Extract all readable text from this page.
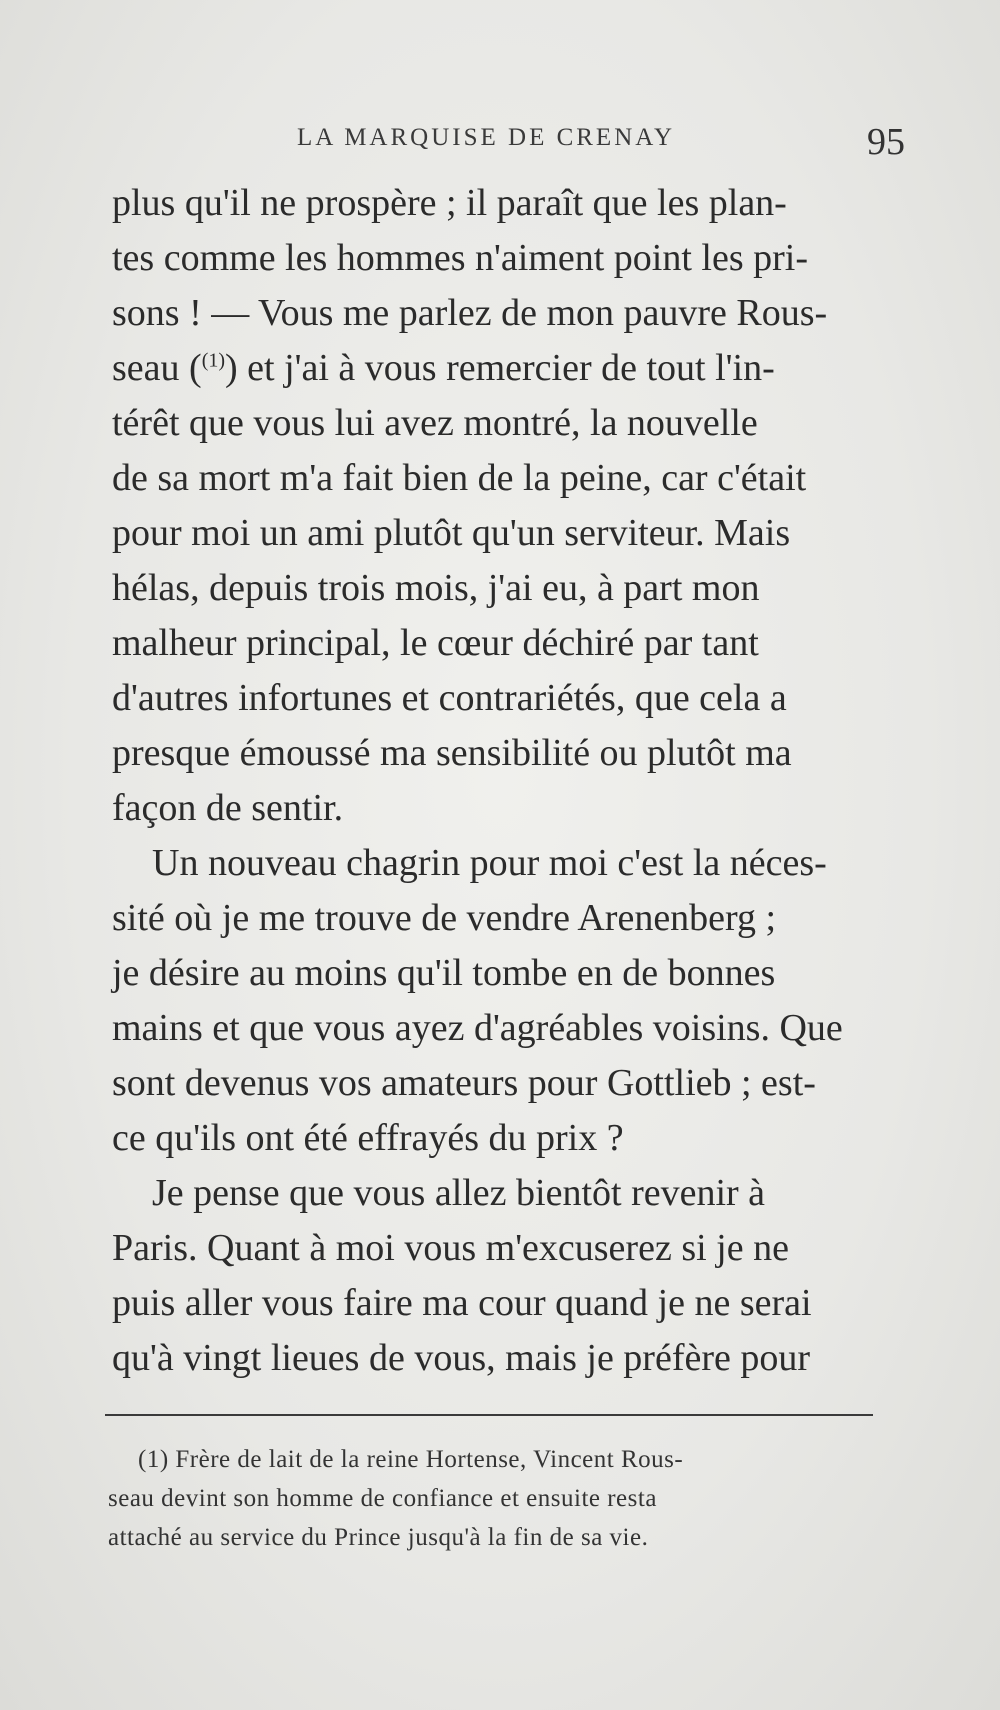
LA MARQUISE DE CRENAY	95
plus qu'il ne prospère ; il paraît que les plan-
tes comme les hommes n'aiment point les pri-
sons ! — Vous me parlez de mon pauvre Rous-
seau ($^{(1)}$) et j'ai à vous remercier de tout l'in-
térêt que vous lui avez montré, la nouvelle
de sa mort m'a fait bien de la peine, car c'était
pour moi un ami plutôt qu'un serviteur. Mais
hélas, depuis trois mois, j'ai eu, à part mon
malheur principal, le cœur déchiré par tant
d'autres infortunes et contrariétés, que cela a
presque émoussé ma sensibilité ou plutôt ma
façon de sentir.
Un nouveau chagrin pour moi c'est la néces-
sité où je me trouve de vendre Arenenberg ;
je désire au moins qu'il tombe en de bonnes
mains et que vous ayez d'agréables voisins. Que
sont devenus vos amateurs pour Gottlieb ; est-
ce qu'ils ont été effrayés du prix ?
Je pense que vous allez bientôt revenir à
Paris. Quant à moi vous m'excuserez si je ne
puis aller vous faire ma cour quand je ne serai
qu'à vingt lieues de vous, mais je préfère pour
(1) Frère de lait de la reine Hortense, Vincent Rous-
seau devint son homme de confiance et ensuite resta
attaché au service du Prince jusqu'à la fin de sa vie.
